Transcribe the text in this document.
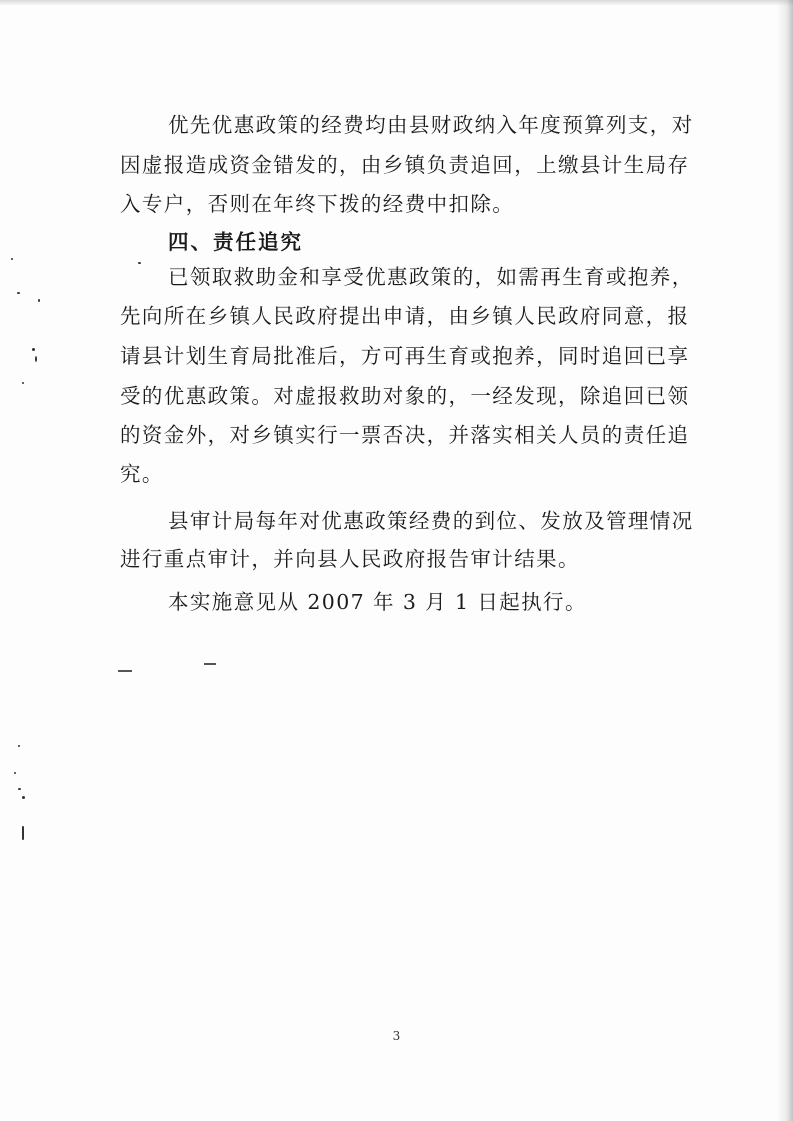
优先优惠政策的经费均由县财政纳入年度预算列支，对
因虚报造成资金错发的，由乡镇负责追回，上缴县计生局存
入专户，否则在年终下拨的经费中扣除。
四、责任追究
已领取救助金和享受优惠政策的，如需再生育或抱养，
先向所在乡镇人民政府提出申请，由乡镇人民政府同意，报
请县计划生育局批准后，方可再生育或抱养，同时追回已享
受的优惠政策。对虚报救助对象的，一经发现，除追回已领
的资金外，对乡镇实行一票否决，并落实相关人员的责任追
究。
县审计局每年对优惠政策经费的到位、发放及管理情况
进行重点审计，并向县人民政府报告审计结果。
本实施意见从 2007 年 3 月 1 日起执行。
3
